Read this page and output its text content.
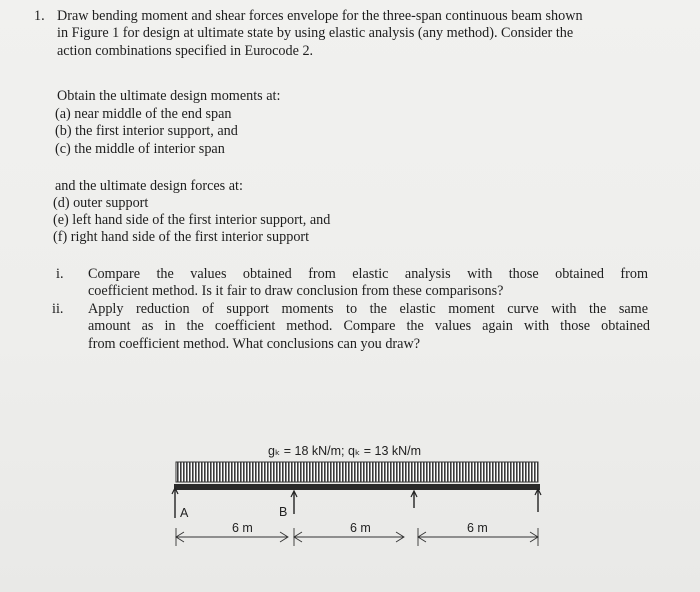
1. Draw bending moment and shear forces envelope for the three-span continuous beam shown
in Figure 1 for design at ultimate state by using elastic analysis (any method). Consider the
action combinations specified in Eurocode 2.
Obtain the ultimate design moments at:
(a) near middle of the end span
(b) the first interior support, and
(c) the middle of interior span
and the ultimate design forces at:
(d) outer support
(e) left hand side of the first interior support, and
(f) right hand side of the first interior support
i. Compare the values obtained from elastic analysis with those obtained from
coefficient method. Is it fair to draw conclusion from these comparisons?
ii. Apply reduction of support moments to the elastic moment curve with the same
amount as in the coefficient method. Compare the values again with those obtained
from coefficient method. What conclusions can you draw?
gₖ = 18 kN/m; qₖ = 13 kN/m
A	B
6 m	6 m	6 m
